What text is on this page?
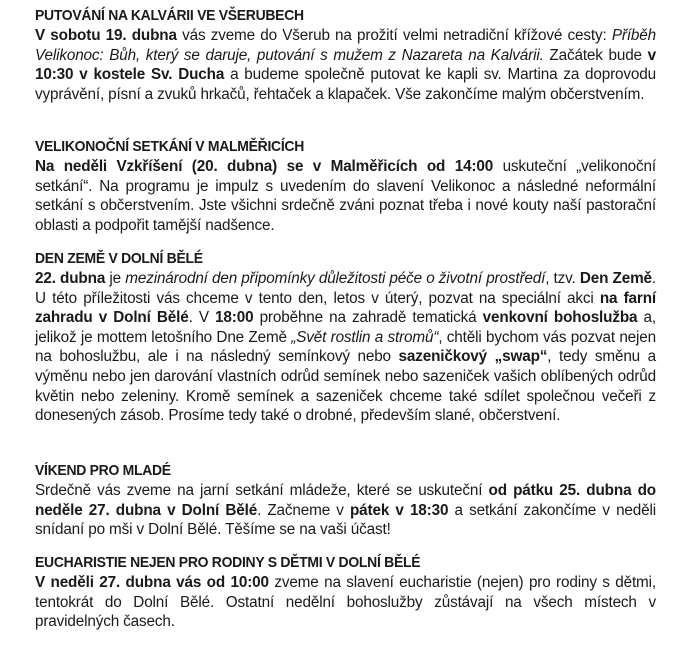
PUTOVÁNÍ NA KALVÁRII VE VŠERUBECH

V sobotu 19. dubna vás zveme do Všerub na prožití velmi netradiční křížové cesty: Příběh Velikonoc: Bůh, který se daruje, putování s mužem z Nazareta na Kalvárii. Začátek bude v 10:30 v kostele Sv. Ducha a budeme společně putovat ke kapli sv. Martina za doprovodu vyprávění, písní a zvuků hrkačů, řehtaček a klapaček. Vše zakončíme malým občerstvením.

VELIKONOČNÍ SETKÁNÍ V MALMĚŘICÍCH

Na neděli Vzkříšení (20. dubna) se v Malměřicích od 14:00 uskuteční „velikonoční setkání“. Na programu je impulz s uvedením do slavení Velikonoc a následné neformální setkání s občerstvením. Jste všichni srdečně zváni poznat třeba i nové kouty naší pastorační oblasti a podpořit tamější nadšence.

DEN ZEMĚ V DOLNÍ BĚLÉ

22. dubna je mezinárodní den připomínky důležitosti péče o životní prostředí, tzv. Den Země. U této příležitosti vás chceme v tento den, letos v úterý, pozvat na speciální akci na farní zahradu v Dolní Bělé. V 18:00 proběhne na zahradě tematická venkovní bohoslužba a, jelikož je mottem letošního Dne Země „Svět rostlin a stromů“, chtěli bychom vás pozvat nejen na bohoslužbu, ale i na následný semínkový nebo sazeničkový „swap“, tedy směnu a výměnu nebo jen darování vlastních odrůd semínek nebo sazeniček vašich oblíbených odrůd květin nebo zeleniny. Kromě semínek a sazeniček chceme také sdílet společnou večeři z donesených zásob. Prosíme tedy také o drobné, především slané, občerstvení.

VÍKEND PRO MLADÉ

Srdečně vás zveme na jarní setkání mládeže, které se uskuteční od pátku 25. dubna do neděle 27. dubna v Dolní Bělé. Začneme v pátek v 18:30 a setkání zakončíme v neděli snídaní po mši v Dolní Bělé. Těšíme se na vaši účast!

EUCHARISTIE NEJEN PRO RODINY S DĚTMI V DOLNÍ BĚLÉ

V neděli 27. dubna vás od 10:00 zveme na slavení eucharistie (nejen) pro rodiny s dětmi, tentokrát do Dolní Bělé. Ostatní nedělní bohoslužby zůstávají na všech místech v pravidelných časech.
